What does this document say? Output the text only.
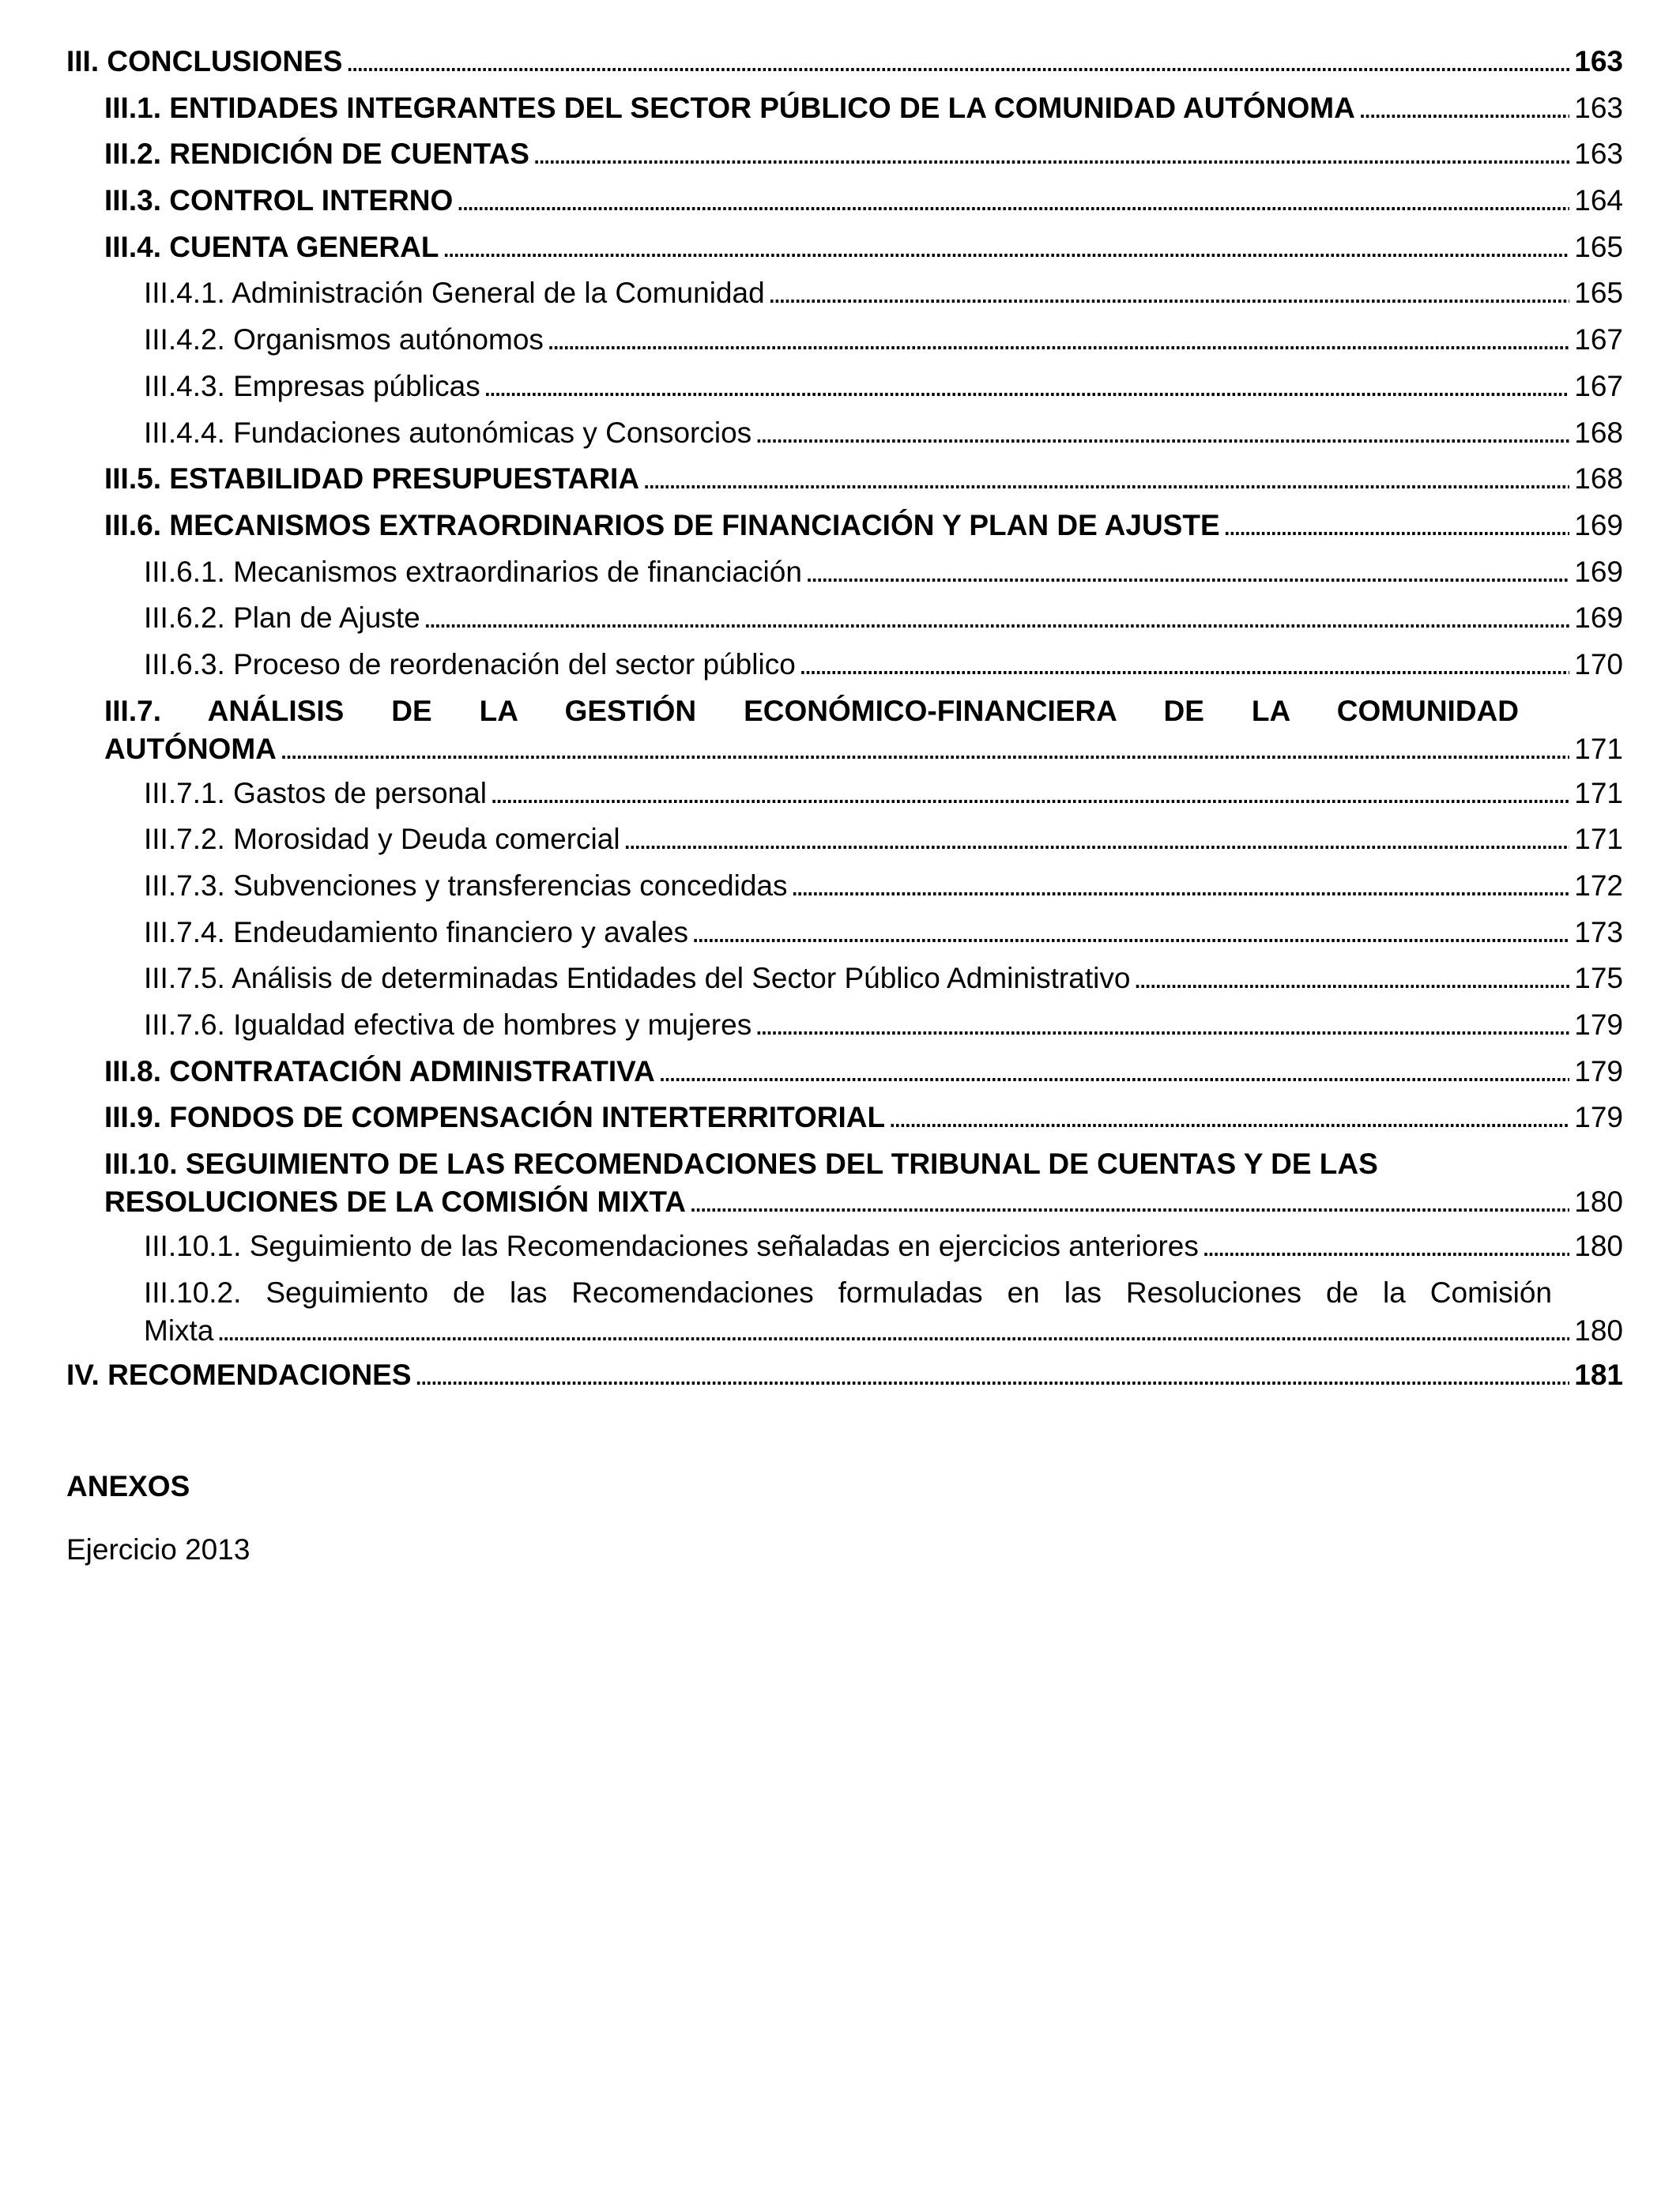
III. CONCLUSIONES . . .	163
III.1. ENTIDADES INTEGRANTES DEL SECTOR PÚBLICO DE LA COMUNIDAD AUTÓNOMA . . .	163
III.2. RENDICIÓN DE CUENTAS . . .	163
III.3. CONTROL INTERNO . . .	164
III.4. CUENTA GENERAL . . .	165
III.4.1. Administración General de la Comunidad . . .	165
III.4.2. Organismos autónomos . . .	167
III.4.3. Empresas públicas . . .	167
III.4.4. Fundaciones autonómicas y Consorcios . . .	168
III.5. ESTABILIDAD PRESUPUESTARIA . . .	168
III.6. MECANISMOS EXTRAORDINARIOS DE FINANCIACIÓN Y PLAN DE AJUSTE . . .	169
III.6.1. Mecanismos extraordinarios de financiación . . .	169
III.6.2. Plan de Ajuste . . .	169
III.6.3. Proceso de reordenación del sector público . . .	170
III.7. ANÁLISIS DE LA GESTIÓN ECONÓMICO-FINANCIERA DE LA COMUNIDAD
AUTÓNOMA . . .	171
III.7.1. Gastos de personal . . .	171
III.7.2. Morosidad y Deuda comercial . . .	171
III.7.3. Subvenciones y transferencias concedidas . . .	172
III.7.4. Endeudamiento financiero y avales . . .	173
III.7.5. Análisis de determinadas Entidades del Sector Público Administrativo . . .	175
III.7.6. Igualdad efectiva de hombres y mujeres . . .	179
III.8. CONTRATACIÓN ADMINISTRATIVA . . .	179
III.9. FONDOS DE COMPENSACIÓN INTERTERRITORIAL . . .	179
III.10. SEGUIMIENTO DE LAS RECOMENDACIONES DEL TRIBUNAL DE CUENTAS Y DE LAS
RESOLUCIONES DE LA COMISIÓN MIXTA . . .	180
III.10.1. Seguimiento de las Recomendaciones señaladas en ejercicios anteriores . . .	180
III.10.2. Seguimiento de las Recomendaciones formuladas en las Resoluciones de la Comisión
Mixta . . .	180
IV. RECOMENDACIONES . . .	181
ANEXOS
Ejercicio 2013
